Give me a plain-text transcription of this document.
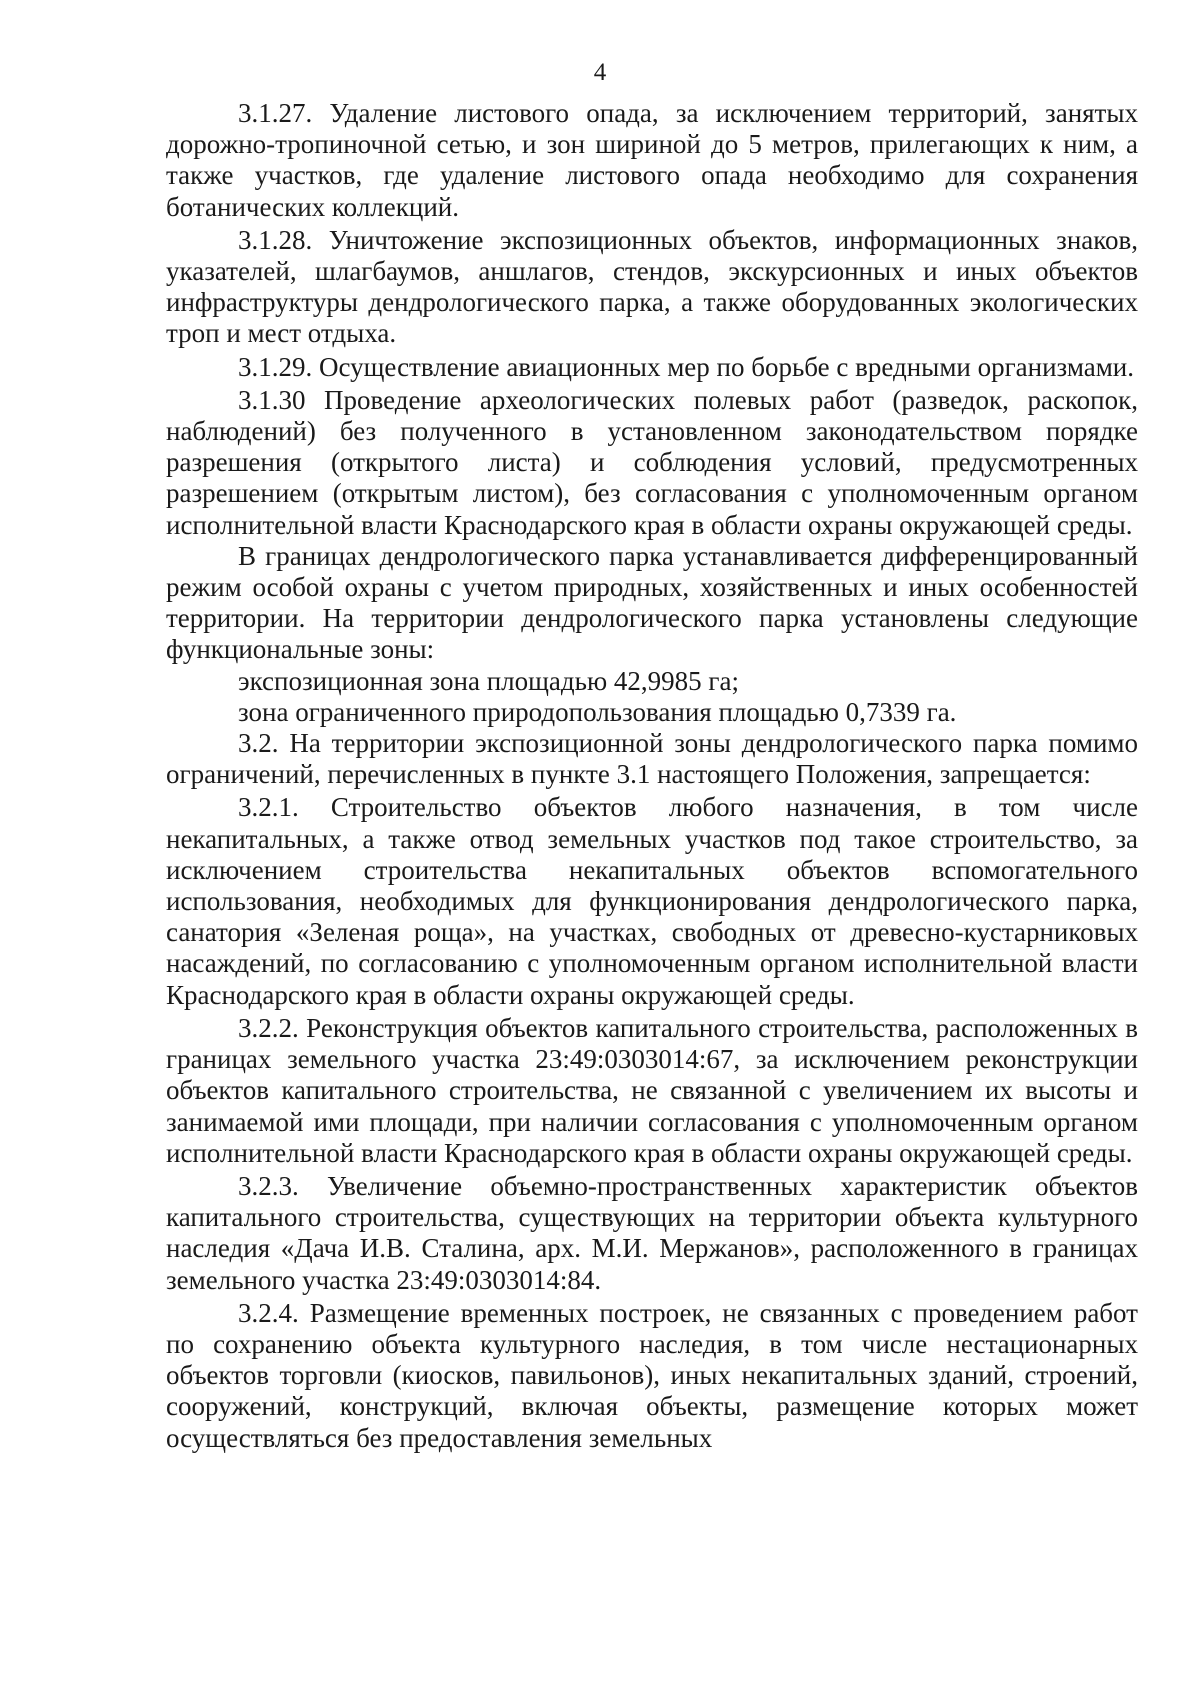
4

3.1.27. Удаление листового опада, за исключением территорий, занятых дорожно-тропиночной сетью, и зон шириной до 5 метров, прилегающих к ним, а также участков, где удаление листового опада необходимо для сохранения ботанических коллекций.

3.1.28. Уничтожение экспозиционных объектов, информационных знаков, указателей, шлагбаумов, аншлагов, стендов, экскурсионных и иных объектов инфраструктуры дендрологического парка, а также оборудованных экологических троп и мест отдыха.

3.1.29. Осуществление авиационных мер по борьбе с вредными организмами.

3.1.30 Проведение археологических полевых работ (разведок, раскопок, наблюдений) без полученного в установленном законодательством порядке разрешения (открытого листа) и соблюдения условий, предусмотренных разрешением (открытым листом), без согласования с уполномоченным органом исполнительной власти Краснодарского края в области охраны окружающей среды.

В границах дендрологического парка устанавливается дифференцированный режим особой охраны с учетом природных, хозяйственных и иных особенностей территории. На территории дендрологического парка установлены следующие функциональные зоны:

экспозиционная зона площадью 42,9985 га;

зона ограниченного природопользования площадью 0,7339 га.

3.2. На территории экспозиционной зоны дендрологического парка помимо ограничений, перечисленных в пункте 3.1 настоящего Положения, запрещается:

3.2.1. Строительство объектов любого назначения, в том числе некапитальных, а также отвод земельных участков под такое строительство, за исключением строительства некапитальных объектов вспомогательного использования, необходимых для функционирования дендрологического парка, санатория «Зеленая роща», на участках, свободных от древесно-кустарниковых насаждений, по согласованию с уполномоченным органом исполнительной власти Краснодарского края в области охраны окружающей среды.

3.2.2. Реконструкция объектов капитального строительства, расположенных в границах земельного участка 23:49:0303014:67, за исключением реконструкции объектов капитального строительства, не связанной с увеличением их высоты и занимаемой ими площади, при наличии согласования с уполномоченным органом исполнительной власти Краснодарского края в области охраны окружающей среды.

3.2.3. Увеличение объемно-пространственных характеристик объектов капитального строительства, существующих на территории объекта культурного наследия «Дача И.В. Сталина, арх. М.И. Мержанов», расположенного в границах земельного участка 23:49:0303014:84.

3.2.4. Размещение временных построек, не связанных с проведением работ по сохранению объекта культурного наследия, в том числе нестационарных объектов торговли (киосков, павильонов), иных некапитальных зданий, строений, сооружений, конструкций, включая объекты, размещение которых может осуществляться без предоставления земельных
